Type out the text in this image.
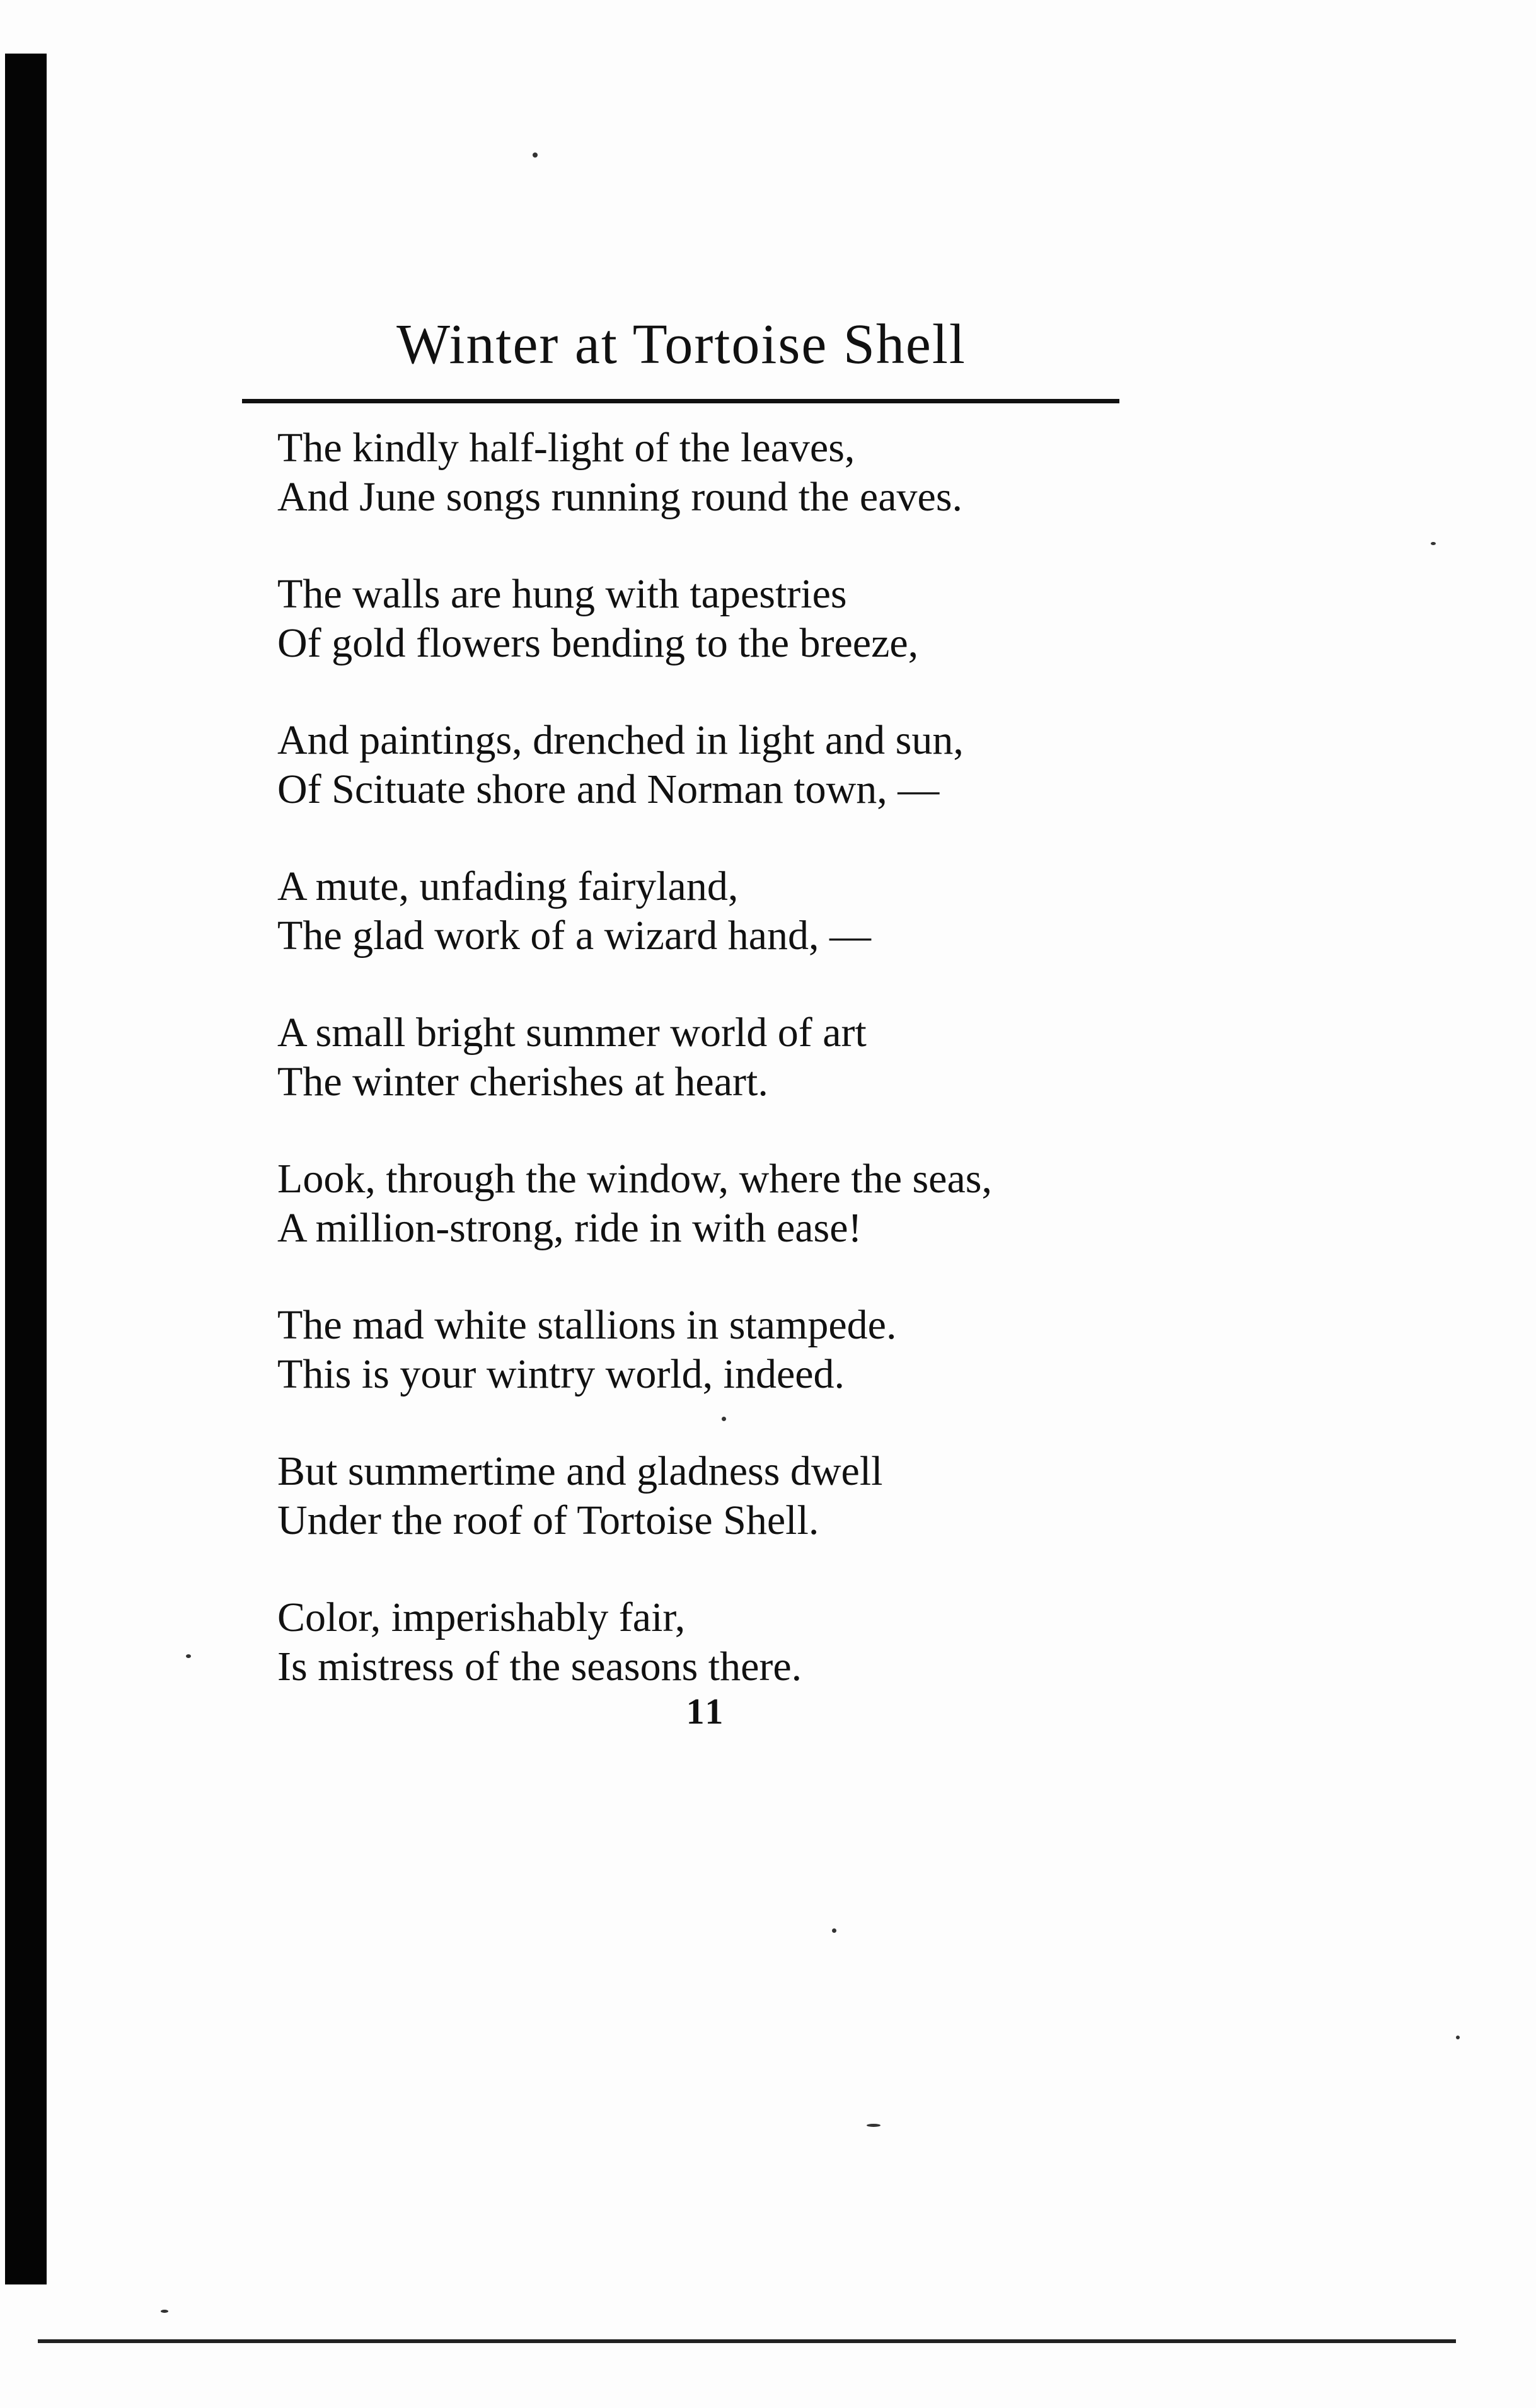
Winter at Tortoise Shell
The kindly half-light of the leaves,
And June songs running round the eaves.
The walls are hung with tapestries
Of gold flowers bending to the breeze,
And paintings, drenched in light and sun,
Of Scituate shore and Norman town, —
A mute, unfading fairyland,
The glad work of a wizard hand, —
A small bright summer world of art
The winter cherishes at heart.
Look, through the window, where the seas,
A million-strong, ride in with ease!
The mad white stallions in stampede.
This is your wintry world, indeed.
But summertime and gladness dwell
Under the roof of Tortoise Shell.
Color, imperishably fair,
Is mistress of the seasons there.
11
